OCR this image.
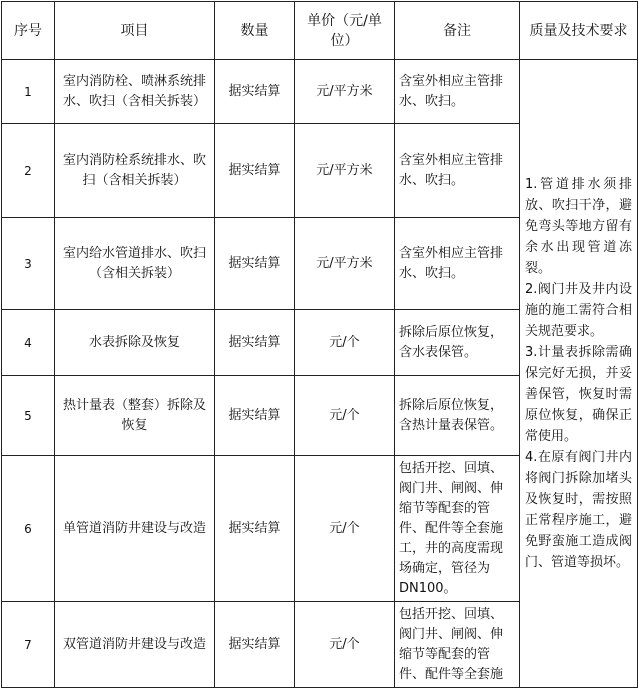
序号	项目	数量	单价（元/单位）	备注	质量及技术要求
1	室内消防栓、喷淋系统排水、吹扫（含相关拆装）	据实结算	元/平方米	含室外相应主管排水、吹扫。	1.管道排水须排放、吹扫干净，避免弯头等地方留有余水出现管道冻裂。
2.阀门井及井内设施的施工需符合相关规范要求。
3.计量表拆除需确保完好无损，并妥善保管，恢复时需原位恢复，确保正常使用。
4.在原有阀门井内将阀门拆除加堵头及恢复时，需按照正常程序施工，避免野蛮施工造成阀门、管道等损坏。

2	室内消防栓系统排水、吹扫（含相关拆装）	据实结算	元/平方米	含室外相应主管排水、吹扫。	
3	室内给水管道排水、吹扫（含相关拆装）	据实结算	元/平方米	含室外相应主管排水、吹扫。	
4	水表拆除及恢复	据实结算	元/个	拆除后原位恢复，含水表保管。	
5	热计量表（整套）拆除及恢复	据实结算	元/个	拆除后原位恢复，含热计量表保管。	
6	单管道消防井建设与改造	据实结算	元/个	包括开挖、回填、阀门井、闸阀、伸缩节等配套的管件、配件等全套施工，井的高度需现场确定，管径为DN100。	
7	双管道消防井建设与改造	据实结算	元/个	包括开挖、回填、阀门井、闸阀、伸缩节等配套的管件、配件等全套施	
